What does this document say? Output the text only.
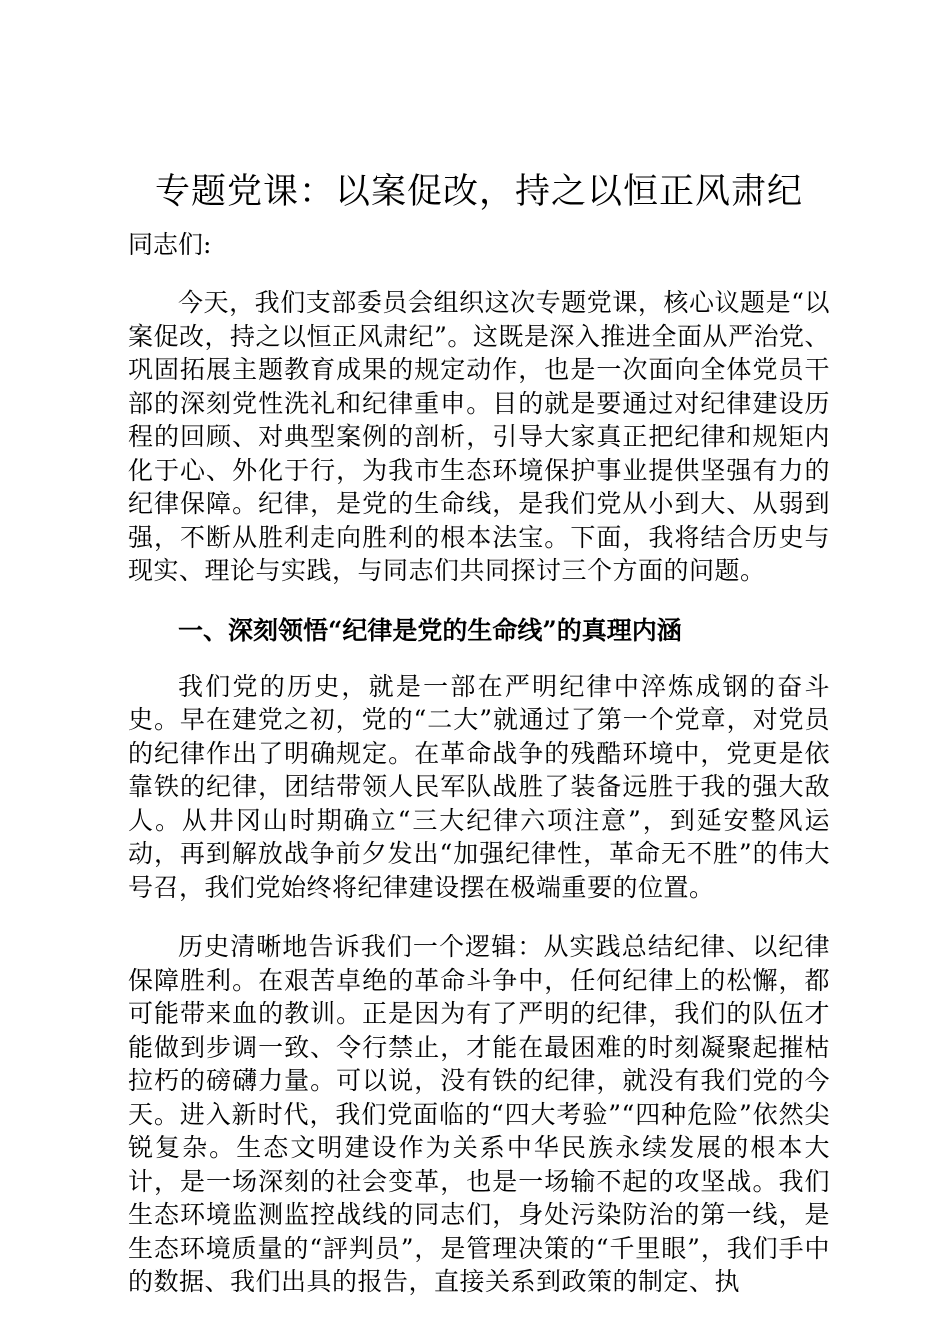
专题党课：以案促改，持之以恒正风肃纪

同志们:

今天，我们支部委员会组织这次专题党课，核心议题是“以案促改，持之以恒正风肃纪”。这既是深入推进全面从严治党、巩固拓展主题教育成果的规定动作，也是一次面向全体党员干部的深刻党性洗礼和纪律重申。目的就是要通过对纪律建设历程的回顾、对典型案例的剖析，引导大家真正把纪律和规矩内化于心、外化于行，为我市生态环境保护事业提供坚强有力的纪律保障。纪律，是党的生命线，是我们党从小到大、从弱到强，不断从胜利走向胜利的根本法宝。下面，我将结合历史与现实、理论与实践，与同志们共同探讨三个方面的问题。

一、深刻领悟“纪律是党的生命线”的真理内涵

我们党的历史，就是一部在严明纪律中淬炼成钢的奋斗史。早在建党之初，党的“二大”就通过了第一个党章，对党员的纪律作出了明确规定。在革命战争的残酷环境中，党更是依靠铁的纪律，团结带领人民军队战胜了装备远胜于我的强大敌人。从井冈山时期确立“三大纪律六项注意”，到延安整风运动，再到解放战争前夕发出“加强纪律性，革命无不胜”的伟大号召，我们党始终将纪律建设摆在极端重要的位置。

历史清晰地告诉我们一个逻辑：从实践总结纪律、以纪律保障胜利。在艰苦卓绝的革命斗争中，任何纪律上的松懈，都可能带来血的教训。正是因为有了严明的纪律，我们的队伍才能做到步调一致、令行禁止，才能在最困难的时刻凝聚起摧枯拉朽的磅礴力量。可以说，没有铁的纪律，就没有我们党的今天。进入新时代，我们党面临的“四大考验”“四种危险”依然尖锐复杂。生态文明建设作为关系中华民族永续发展的根本大计，是一场深刻的社会变革，也是一场输不起的攻坚战。我们生态环境监测监控战线的同志们，身处污染防治的第一线，是生态环境质量的“評判员”，是管理决策的“千里眼”，我们手中的数据、我们出具的报告，直接关系到政策的制定、执
